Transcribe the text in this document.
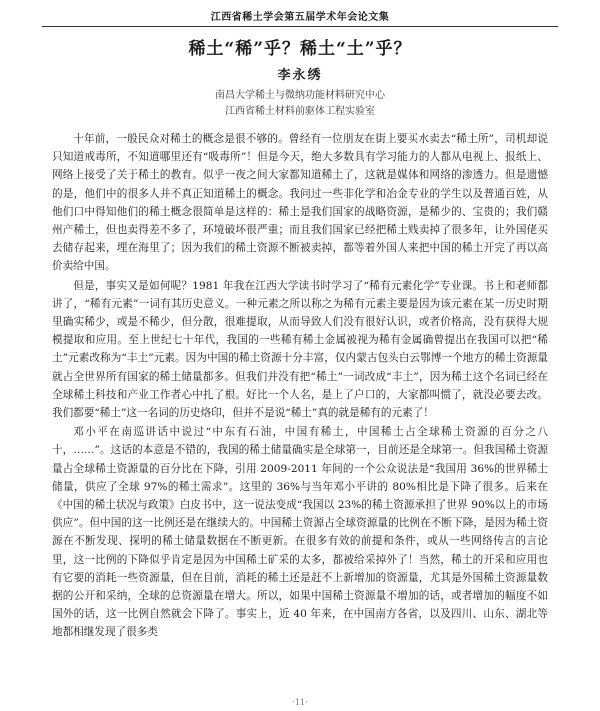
江西省稀土学会第五届学术年会论文集
稀土“稀”乎？稀土“土”乎？
李永绣
南昌大学稀土与微纳功能材料研究中心
江西省稀土材料前驱体工程实验室

十年前，一般民众对稀土的概念是很不够的。曾经有一位朋友在街上要买水卖去“稀土所”，司机却说只知道戒毒所，不知道哪里还有“吸毒所”！但是今天，绝大多数具有学习能力的人都从电视上、报纸上、网络上接受了关于稀土的教育。似乎一夜之间大家都知道稀土了，这就是媒体和网络的渗透力。但是遗憾的是，他们中的很多人并不真正知道稀土的概念。我问过一些非化学和冶金专业的学生以及普通百姓，从他们口中得知他们的稀土概念很简单是这样的：稀土是我们国家的战略资源，是稀少的、宝贵的；我们赣州产稀土，但也卖得差不多了，环境破坏很严重；而且我们国家已经把稀土贱卖掉了很多年，让外国佬买去储存起来，埋在海里了；因为我们的稀土资源不断被卖掉，都等着外国人来把中国的稀土开完了再以高价卖给中国。

但是，事实又是如何呢？1981 年我在江西大学读书时学习了“稀有元素化学”专业课。书上和老师都讲了，“稀有元素”一词有其历史意义。一种元素之所以称之为稀有元素主要是因为该元素在某一历史时期里确实稀少，或是不稀少，但分散，很难提取，从而导致人们没有很好认识，或者价格高，没有获得大规模提取和应用。至上世纪七十年代，我国的一些稀有稀土金属被视为稀有金属确曾提出在我国可以把“稀土”元素改称为“丰土”元素。因为中国的稀土资源十分丰富，仅内蒙古包头白云鄂博一个地方的稀土资源量就占全世界所有国家的稀土储量都多。但我们并没有把“稀土”一词改成“丰土”，因为稀土这个名词已经在全球稀土科技和产业工作者心中扎了根。好比一个人名，是上了户口的，大家都叫惯了，就没必要去改。我们都要“稀土”这一名词的历史烙印，但并不是说“稀土”真的就是稀有的元素了！

邓小平在南巡讲话中说过“中东有石油，中国有稀土，中国稀土占全球稀土资源的百分之八十，……”。这话的本意是不错的，我国的稀土储量确实是全球第一，目前还是全球第一。但我国稀土资源量占全球稀土资源量的百分比在下降，引用 2009-2011 年间的一个公众说法是“我国用 36%的世界稀土储量，供应了全球 97%的稀土需求”。这里的 36%与当年邓小平讲的 80%相比是下降了很多。后来在《中国的稀土状况与政策》白皮书中，这一说法变成“我国以 23%的稀土资源承担了世界 90%以上的市场供应”。但中国的这一比例还是在继续大的。中国稀土资源占全球资源量的比例在不断下降，是因为稀土资源在不断发现、探明的稀土储量数据在不断更新。在很多有效的前提和条件，或从一些网络传言的言论里，这一比例的下降似乎肯定是因为中国稀土矿采的太多，都被给采掉外了！当然，稀土的开采和应用也有它要的消耗一些资源量，但在目前，消耗的稀土还是赶不上新增加的资源量，尤其是外国稀土资源量数据的公开和采纳，全球的总资源量在增大。所以，如果中国稀土资源量不增加的话，或者增加的幅度不如国外的话，这一比例自然就会下降了。事实上，近 40 年来，在中国南方各省，以及四川、山东、湖北等地都相继发现了很多类

·11·
